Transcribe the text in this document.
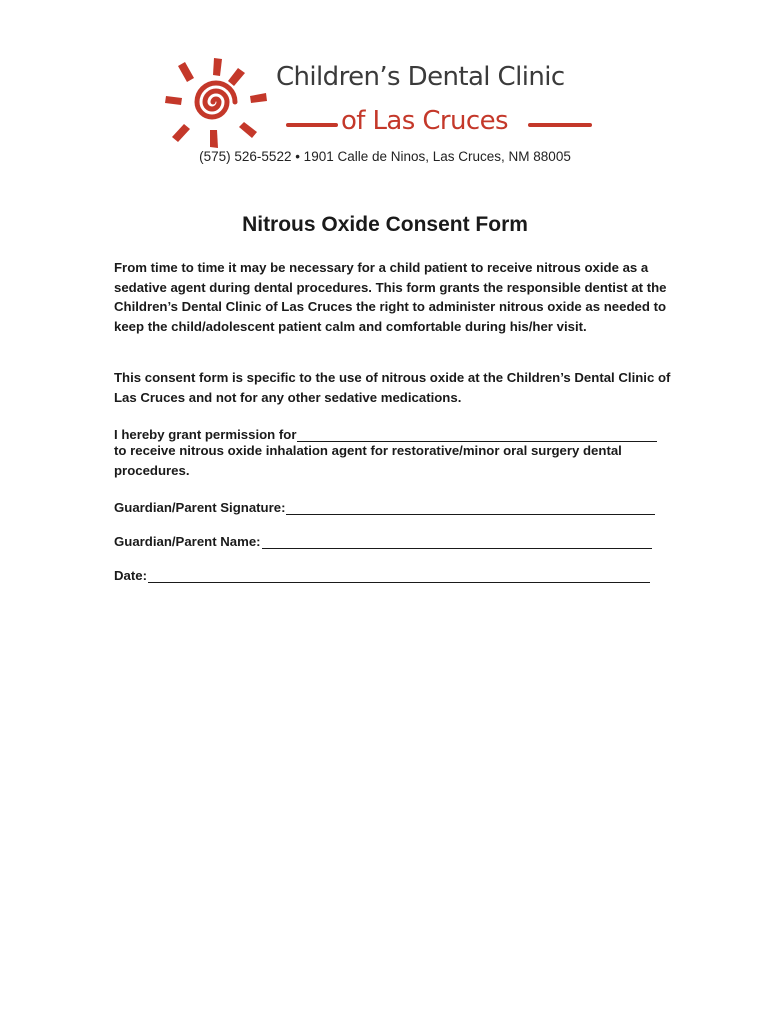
Children’s Dental Clinic
of Las Cruces
(575) 526-5522 • 1901 Calle de Ninos, Las Cruces, NM 88005
Nitrous Oxide Consent Form
From time to time it may be necessary for a child patient to receive nitrous oxide as a sedative agent during dental procedures. This form grants the responsible dentist at the Children’s Dental Clinic of Las Cruces the right to administer nitrous oxide as needed to keep the child/adolescent patient calm and comfortable during his/her visit.
This consent form is specific to the use of nitrous oxide at the Children’s Dental Clinic of Las Cruces and not for any other sedative medications.
I hereby grant permission for
to receive nitrous oxide inhalation agent for restorative/minor oral surgery dental procedures.
Guardian/Parent Signature:
Guardian/Parent Name:
Date:
